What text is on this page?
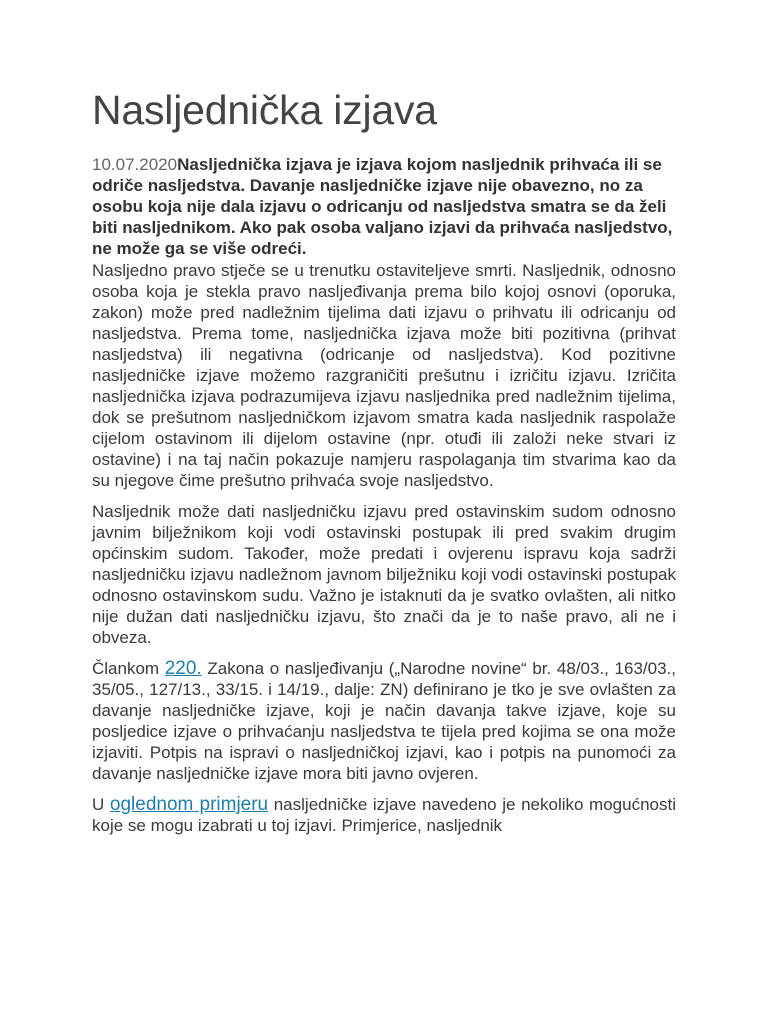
Nasljednička izjava

10.07.2020Nasljednička izjava je izjava kojom nasljednik prihvaća ili se odriče nasljedstva. Davanje nasljedničke izjave nije obavezno, no za osobu koja nije dala izjavu o odricanju od nasljedstva smatra se da želi biti nasljednikom. Ako pak osoba valjano izjavi da prihvaća nasljedstvo, ne može ga se više odreći.

Nasljedno pravo stječe se u trenutku ostaviteljeve smrti. Nasljednik, odnosno osoba koja je stekla pravo nasljeđivanja prema bilo kojoj osnovi (oporuka, zakon) može pred nadležnim tijelima dati izjavu o prihvatu ili odricanju od nasljedstva. Prema tome, nasljednička izjava može biti pozitivna (prihvat nasljedstva) ili negativna (odricanje od nasljedstva). Kod pozitivne nasljedničke izjave možemo razgraničiti prešutnu i izričitu izjavu. Izričita nasljednička izjava podrazumijeva izjavu nasljednika pred nadležnim tijelima, dok se prešutnom nasljedničkom izjavom smatra kada nasljednik raspolaže cijelom ostavinom ili dijelom ostavine (npr. otuđi ili založi neke stvari iz ostavine) i na taj način pokazuje namjeru raspolaganja tim stvarima kao da su njegove čime prešutno prihvaća svoje nasljedstvo.

Nasljednik može dati nasljedničku izjavu pred ostavinskim sudom odnosno javnim bilježnikom koji vodi ostavinski postupak ili pred svakim drugim općinskim sudom. Također, može predati i ovjerenu ispravu koja sadrži nasljedničku izjavu nadležnom javnom bilježniku koji vodi ostavinski postupak odnosno ostavinskom sudu. Važno je istaknuti da je svatko ovlašten, ali nitko nije dužan dati nasljedničku izjavu, što znači da je to naše pravo, ali ne i obveza.

Člankom 220. Zakona o nasljeđivanju („Narodne novine“ br. 48/03., 163/03., 35/05., 127/13., 33/15. i 14/19., dalje: ZN) definirano je tko je sve ovlašten za davanje nasljedničke izjave, koji je način davanja takve izjave, koje su posljedice izjave o prihvaćanju nasljedstva te tijela pred kojima se ona može izjaviti. Potpis na ispravi o nasljedničkoj izjavi, kao i potpis na punomoći za davanje nasljedničke izjave mora biti javno ovjeren.

U oglednom primjeru nasljedničke izjave navedeno je nekoliko mogućnosti koje se mogu izabrati u toj izjavi. Primjerice, nasljednik
